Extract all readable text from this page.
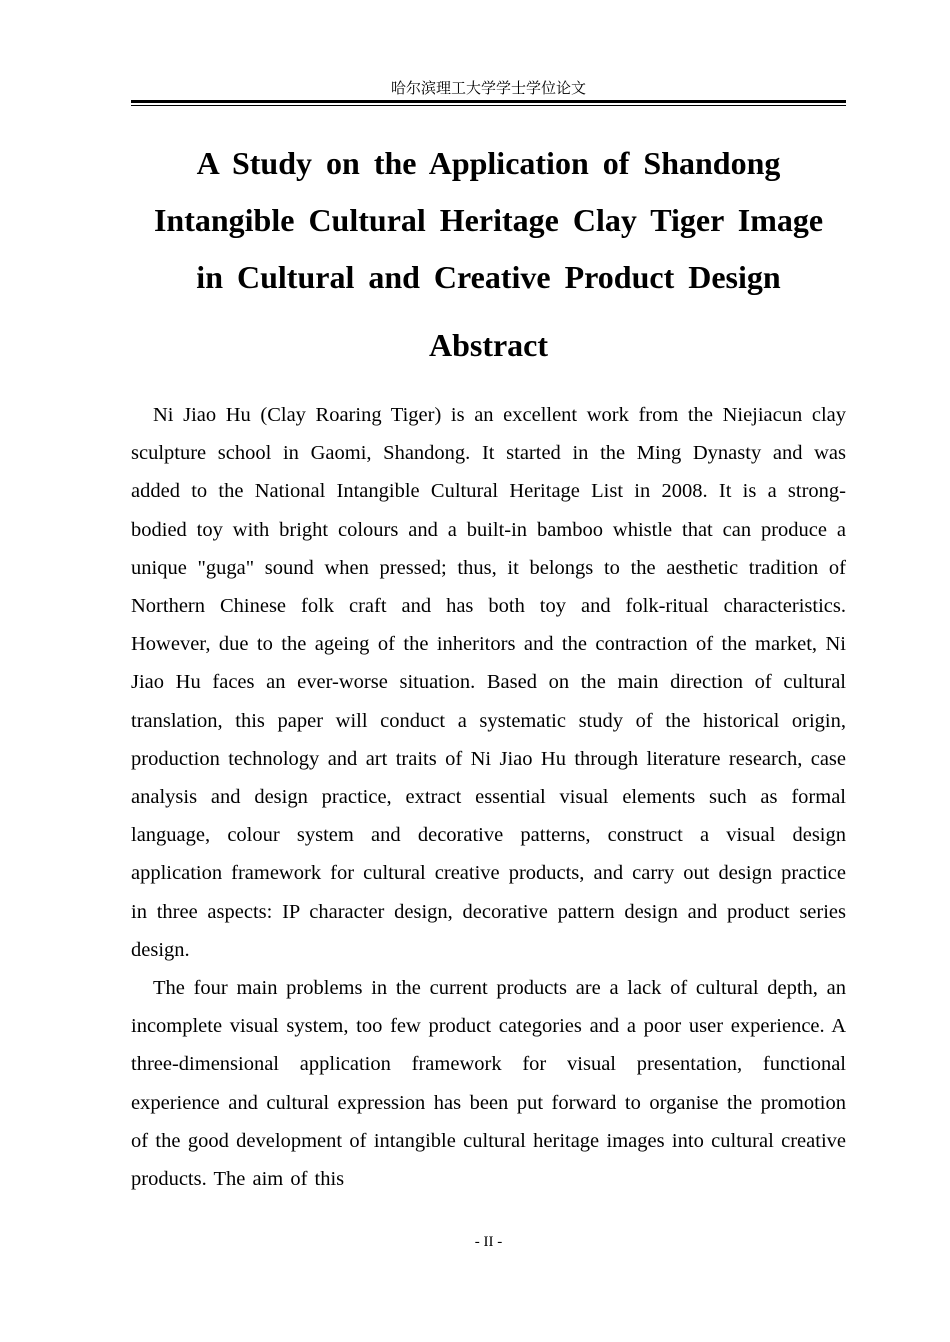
哈尔滨理工大学学士学位论文
A Study on the Application of Shandong
Intangible Cultural Heritage Clay Tiger Image
in Cultural and Creative Product Design
Abstract

Ni Jiao Hu (Clay Roaring Tiger) is an excellent work from the Niejiacun clay sculpture school in Gaomi, Shandong. It started in the Ming Dynasty and was added to the National Intangible Cultural Heritage List in 2008. It is a strong-bodied toy with bright colours and a built-in bamboo whistle that can produce a unique "guga" sound when pressed; thus, it belongs to the aesthetic tradition of Northern Chinese folk craft and has both toy and folk-ritual characteristics. However, due to the ageing of the inheritors and the contraction of the market, Ni Jiao Hu faces an ever-worse situation. Based on the main direction of cultural translation, this paper will conduct a systematic study of the historical origin, production technology and art traits of Ni Jiao Hu through literature research, case analysis and design practice, extract essential visual elements such as formal language, colour system and decorative patterns, construct a visual design application framework for cultural creative products, and carry out design practice in three aspects: IP character design, decorative pattern design and product series design.

The four main problems in the current products are a lack of cultural depth, an incomplete visual system, too few product categories and a poor user experience. A three-dimensional application framework for visual presentation, functional experience and cultural expression has been put forward to organise the promotion of the good development of intangible cultural heritage images into cultural creative products. The aim of this

- II -
